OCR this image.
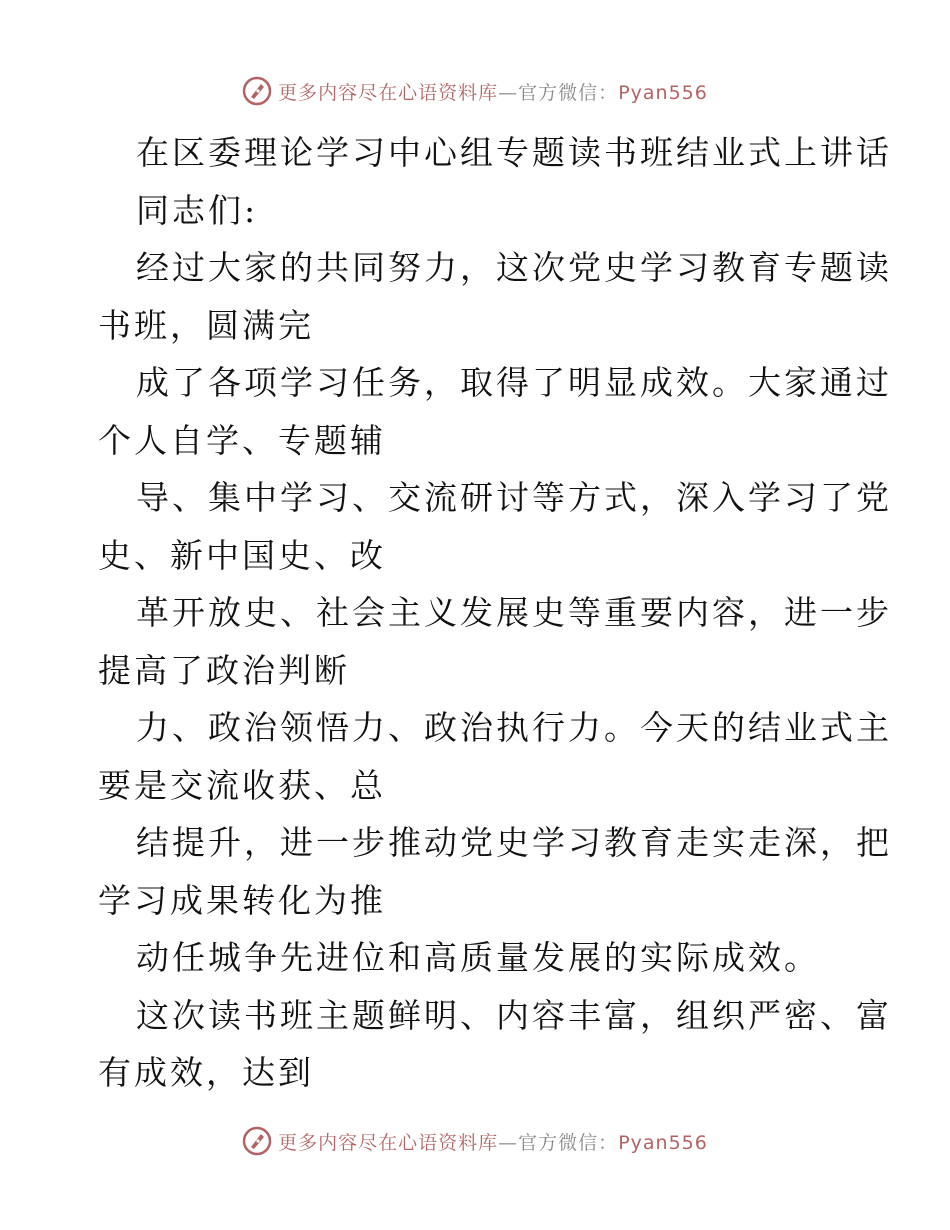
更多内容尽在心语资料库—官方微信：Pyan556
在区委理论学习中心组专题读书班结业式上讲话
同志们:
经过大家的共同努力，这次党史学习教育专题读
书班，圆满完
成了各项学习任务，取得了明显成效。大家通过
个人自学、专题辅
导、集中学习、交流研讨等方式，深入学习了党
史、新中国史、改
革开放史、社会主义发展史等重要内容，进一步
提高了政治判断
力、政治领悟力、政治执行力。今天的结业式主
要是交流收获、总
结提升，进一步推动党史学习教育走实走深，把
学习成果转化为推
动任城争先进位和高质量发展的实际成效。
这次读书班主题鲜明、内容丰富，组织严密、富
有成效，达到
更多内容尽在心语资料库—官方微信：Pyan556
